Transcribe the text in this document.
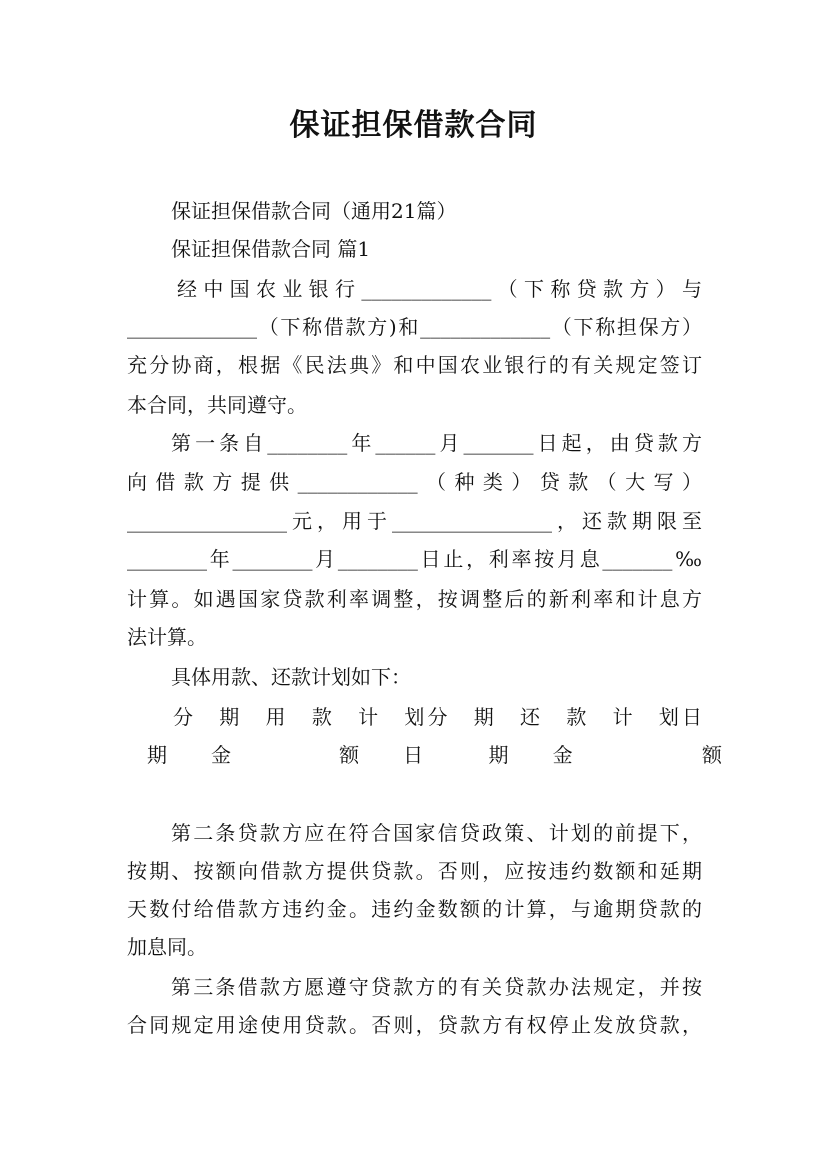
保证担保借款合同
保证担保借款合同（通用21篇）
保证担保借款合同 篇1
经中国农业银行_____________（下称贷款方）与
_____________（下称借款方)和_____________（下称担保方）
充分协商，根据《民法典》和中国农业银行的有关规定签订
本合同，共同遵守。
第一条自________年______月_______日起，由贷款方
向借款方提供____________（种类）贷款（大写）
________________元，用于________________，还款期限至
________年________月________日止，利率按月息_______‰
计算。如遇国家贷款利率调整，按调整后的新利率和计息方
法计算。
具体用款、还款计划如下：
分　期　用　款　计　划分　期　还　款　计　划日
期　　金　　　　　额　　日　　　期　　金　　　　　　额
第二条贷款方应在符合国家信贷政策、计划的前提下，
按期、按额向借款方提供贷款。否则，应按违约数额和延期
天数付给借款方违约金。违约金数额的计算，与逾期贷款的
加息同。
第三条借款方愿遵守贷款方的有关贷款办法规定，并按
合同规定用途使用贷款。否则，贷款方有权停止发放贷款，
